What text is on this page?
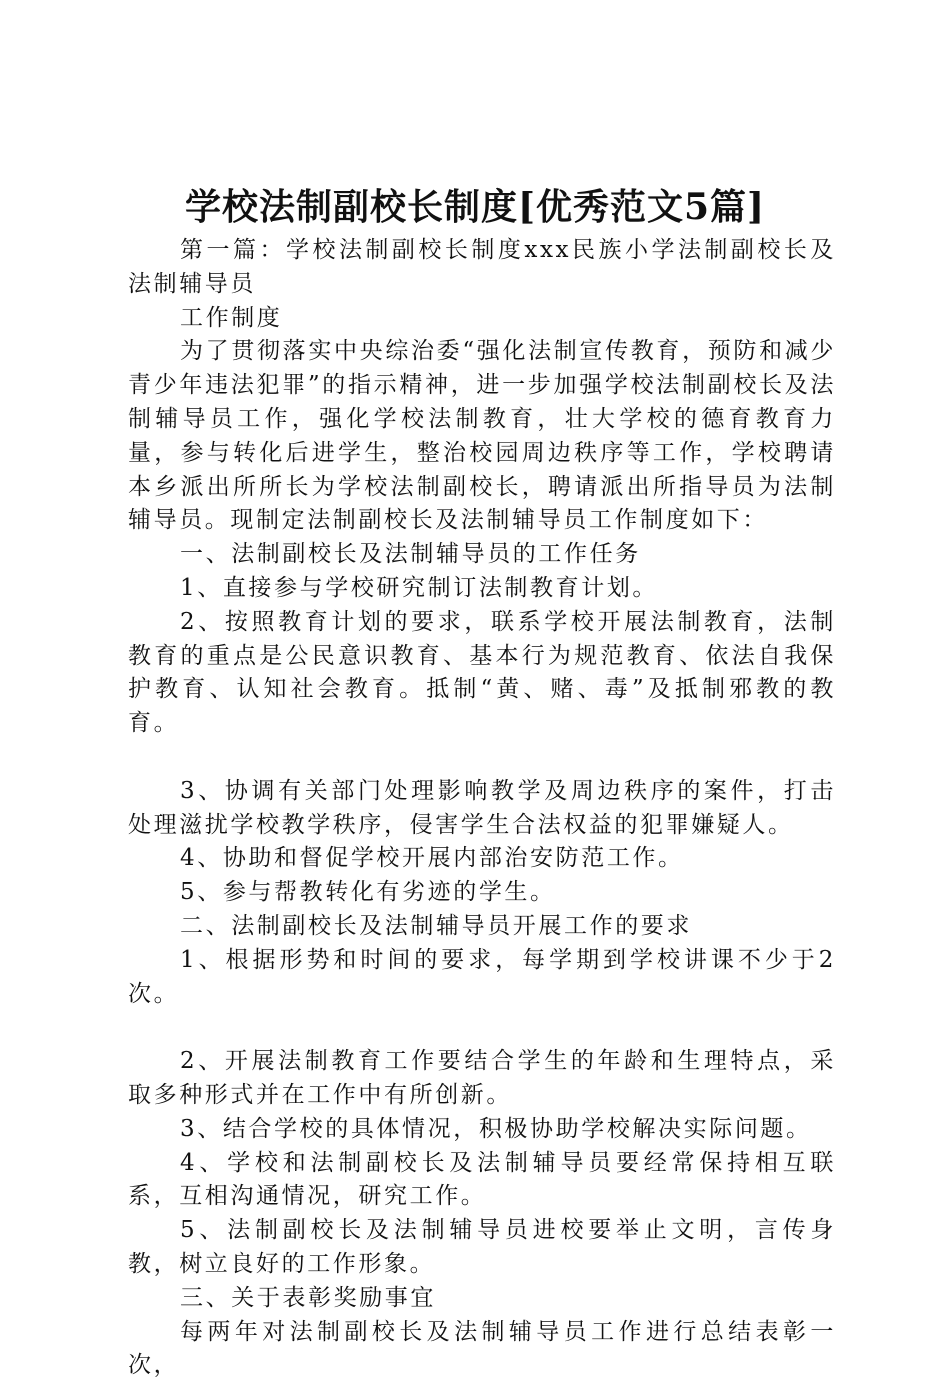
学校法制副校长制度[优秀范文5篇]

第一篇：学校法制副校长制度xxx民族小学法制副校长及法制辅导员

工作制度

为了贯彻落实中央综治委“强化法制宣传教育，预防和减少青少年违法犯罪”的指示精神，进一步加强学校法制副校长及法制辅导员工作，强化学校法制教育，壮大学校的德育教育力量，参与转化后进学生，整治校园周边秩序等工作，学校聘请本乡派出所所长为学校法制副校长，聘请派出所指导员为法制辅导员。现制定法制副校长及法制辅导员工作制度如下：

一、法制副校长及法制辅导员的工作任务

1、直接参与学校研究制订法制教育计划。

2、按照教育计划的要求，联系学校开展法制教育，法制教育的重点是公民意识教育、基本行为规范教育、依法自我保护教育、认知社会教育。抵制“黄、赌、毒”及抵制邪教的教育。

3、协调有关部门处理影响教学及周边秩序的案件，打击处理滋扰学校教学秩序，侵害学生合法权益的犯罪嫌疑人。

4、协助和督促学校开展内部治安防范工作。

5、参与帮教转化有劣迹的学生。

二、法制副校长及法制辅导员开展工作的要求

1、根据形势和时间的要求，每学期到学校讲课不少于2次。

2、开展法制教育工作要结合学生的年龄和生理特点，采取多种形式并在工作中有所创新。

3、结合学校的具体情况，积极协助学校解决实际问题。

4、学校和法制副校长及法制辅导员要经常保持相互联系，互相沟通情况，研究工作。

5、法制副校长及法制辅导员进校要举止文明，言传身教，树立良好的工作形象。

三、关于表彰奖励事宜

每两年对法制副校长及法制辅导员工作进行总结表彰一次，
